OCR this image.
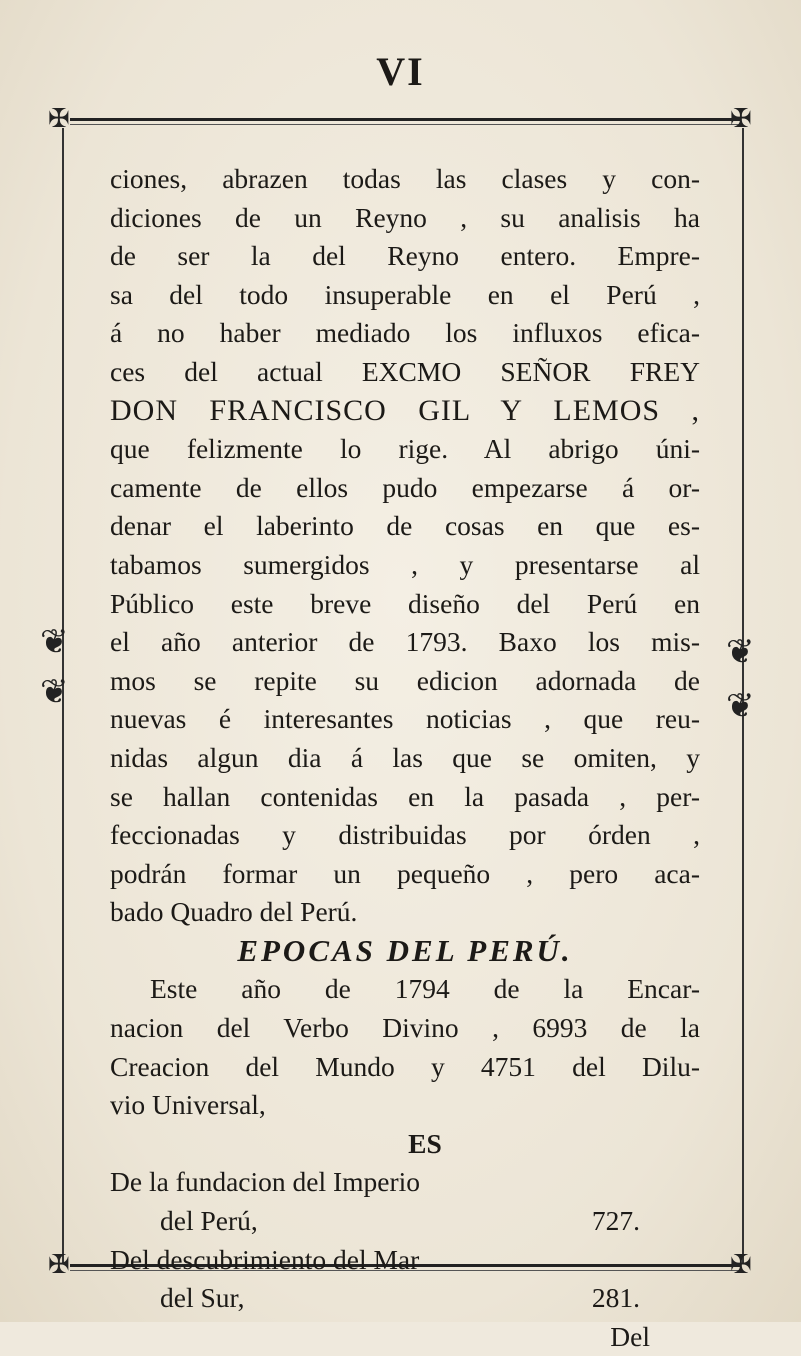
VI
✠	✠
✠	✠
❦
❦
❦
❦
ciones, abrazen todas las clases y con-
diciones de un Reyno , su analisis ha
de ser la del Reyno entero. Empre-
sa del todo insuperable en el Perú ,
á no haber mediado los influxos efica-
ces del actual EXCMO SEÑOR FREY
DON FRANCISCO GIL Y LEMOS ,
que felizmente lo rige. Al abrigo úni-
camente de ellos pudo empezarse á or-
denar el laberinto de cosas en que es-
tabamos sumergidos , y presentarse al
Público este breve diseño del Perú en
el año anterior de 1793. Baxo los mis-
mos se repite su edicion adornada de
nuevas é interesantes noticias , que reu-
nidas algun dia á las que se omiten, y
se hallan contenidas en la pasada , per-
feccionadas y distribuidas por órden ,
podrán formar un pequeño , pero aca-
bado Quadro del Perú.
EPOCAS DEL PERÚ.
Este año de 1794 de la Encar-
nacion del Verbo Divino , 6993 de la
Creacion del Mundo y 4751 del Dilu-
vio Universal,
ES
De la fundacion del Imperio
del Perú,	727.
Del descubrimiento del Mar
del Sur,	281.
Del
